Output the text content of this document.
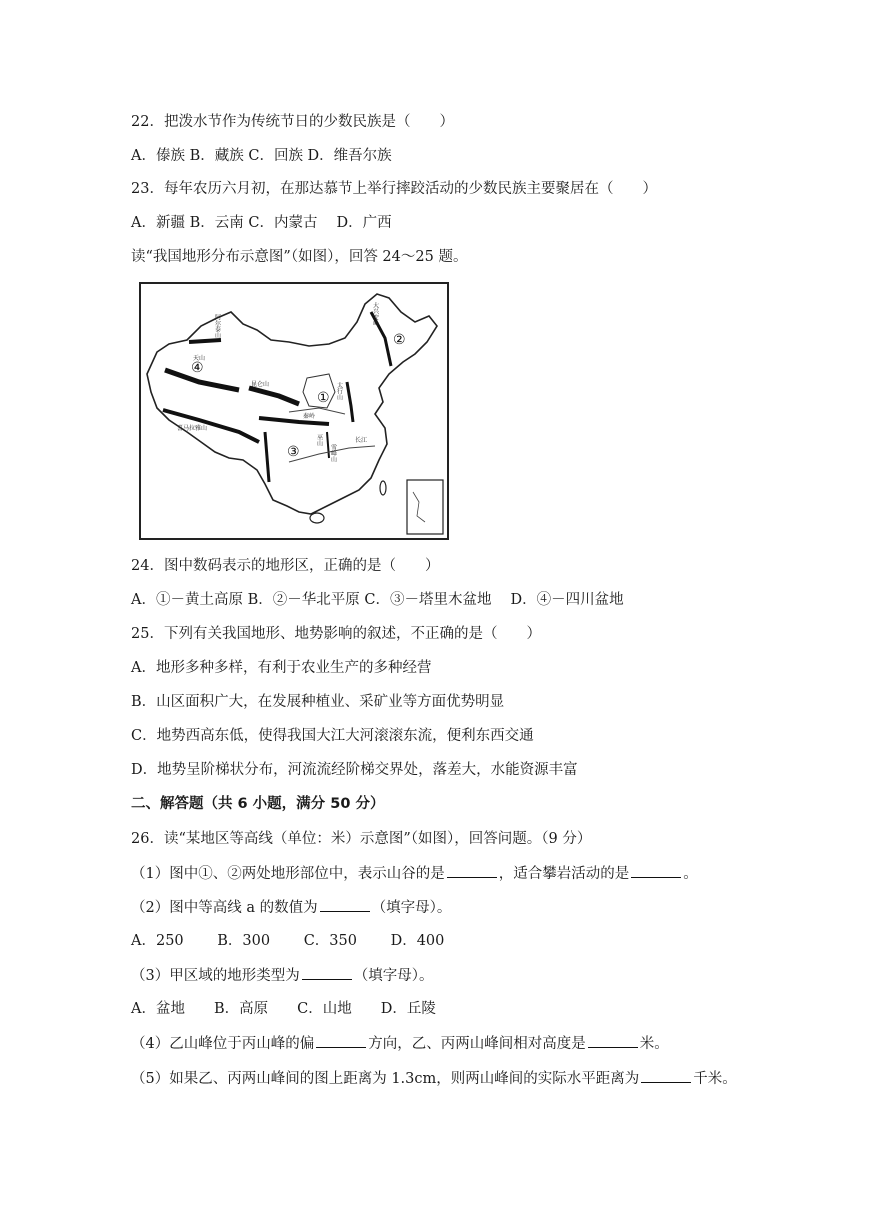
22．把泼水节作为传统节日的少数民族是（　　）
A．傣族 B．藏族 C．回族 D．维吾尔族
23．每年农历六月初，在那达慕节上举行摔跤活动的少数民族主要聚居在（　　）
A．新疆 B．云南 C．内蒙古　 D．广西
读“我国地形分布示意图”（如图），回答 24～25 题。
①
②
③
④
大兴安岭
太行山
阿尔泰山
天山
昆仑山
喜马拉雅山
秦岭
巫山	长江
雪峰山
24．图中数码表示的地形区，正确的是（　　）
A．①－黄土高原 B．②－华北平原 C．③－塔里木盆地　 D．④－四川盆地
25．下列有关我国地形、地势影响的叙述，不正确的是（　　）
A．地形多种多样，有利于农业生产的多种经营
B．山区面积广大，在发展种植业、采矿业等方面优势明显
C．地势西高东低，使得我国大江大河滚滚东流，便利东西交通
D．地势呈阶梯状分布，河流流经阶梯交界处，落差大，水能资源丰富
二、解答题（共 6 小题，满分 50 分）
26．读“某地区等高线（单位：米）示意图”（如图），回答问题。（9 分）
（1）图中①、②两处地形部位中，表示山谷的是	，适合攀岩活动的是	。
（2）图中等高线 a 的数值为	（填字母）。
A．250　　 B．300　　 C．350　　 D．400
（3）甲区域的地形类型为	（填字母）。
A．盆地　　B．高原　　C．山地　　D．丘陵
（4）乙山峰位于丙山峰的偏	方向，乙、丙两山峰间相对高度是	米。
（5）如果乙、丙两山峰间的图上距离为 1.3cm，则两山峰间的实际水平距离为	千米。
